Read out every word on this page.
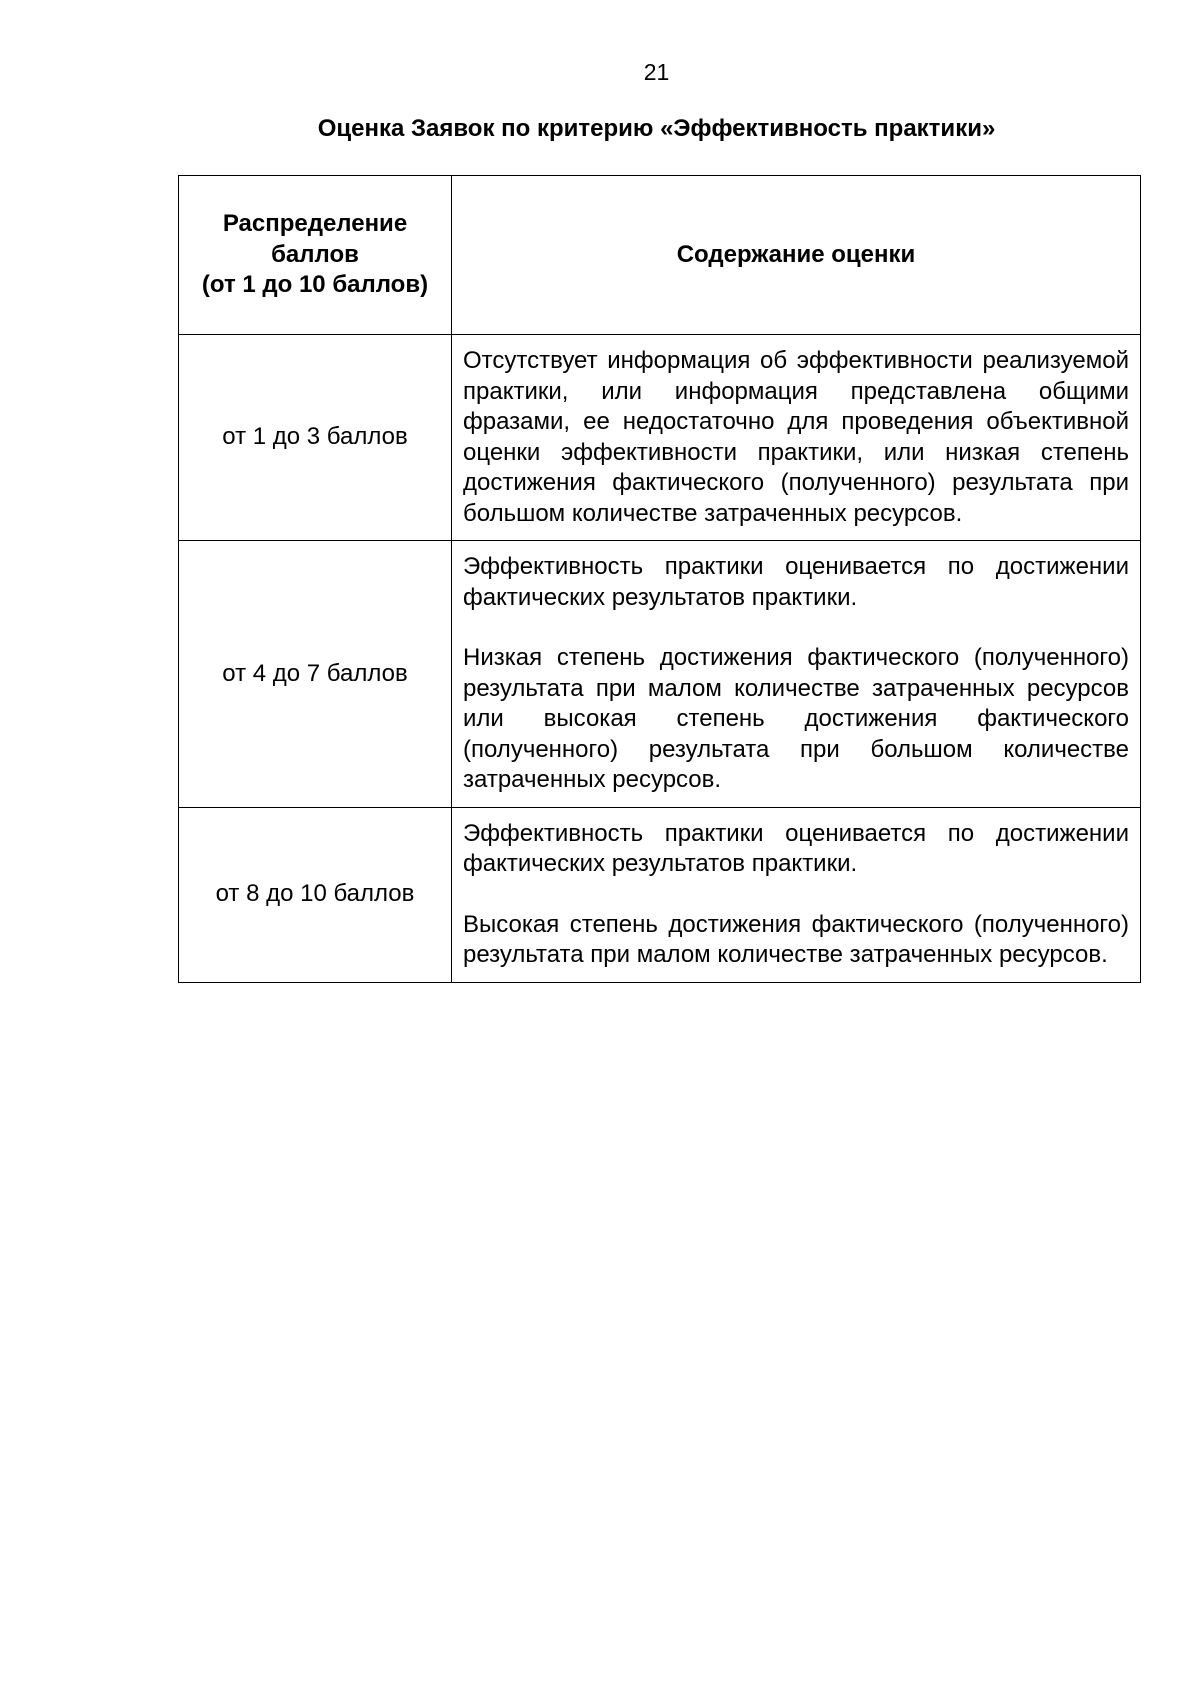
21
Оценка Заявок по критерию «Эффективность практики»
Распределение
баллов
(от 1 до 10 баллов)	Содержание оценки
от 1 до 3 баллов	Отсутствует информация об эффективности реализуемой практики, или информация представлена общими фразами, ее недостаточно для проведения объективной оценки эффективности практики, или низкая степень достижения фактического (полученного) результата при большом количестве затраченных ресурсов.

от 4 до 7 баллов	Эффективность практики оценивается по достижении фактических результатов практики.

Низкая степень достижения фактического (полученного) результата при малом количестве затраченных ресурсов или высокая степень достижения фактического (полученного) результата при большом количестве затраченных ресурсов.

от 8 до 10 баллов	Эффективность практики оценивается по достижении фактических результатов практики.

Высокая степень достижения фактического (полученного) результата при малом количестве затраченных ресурсов.
